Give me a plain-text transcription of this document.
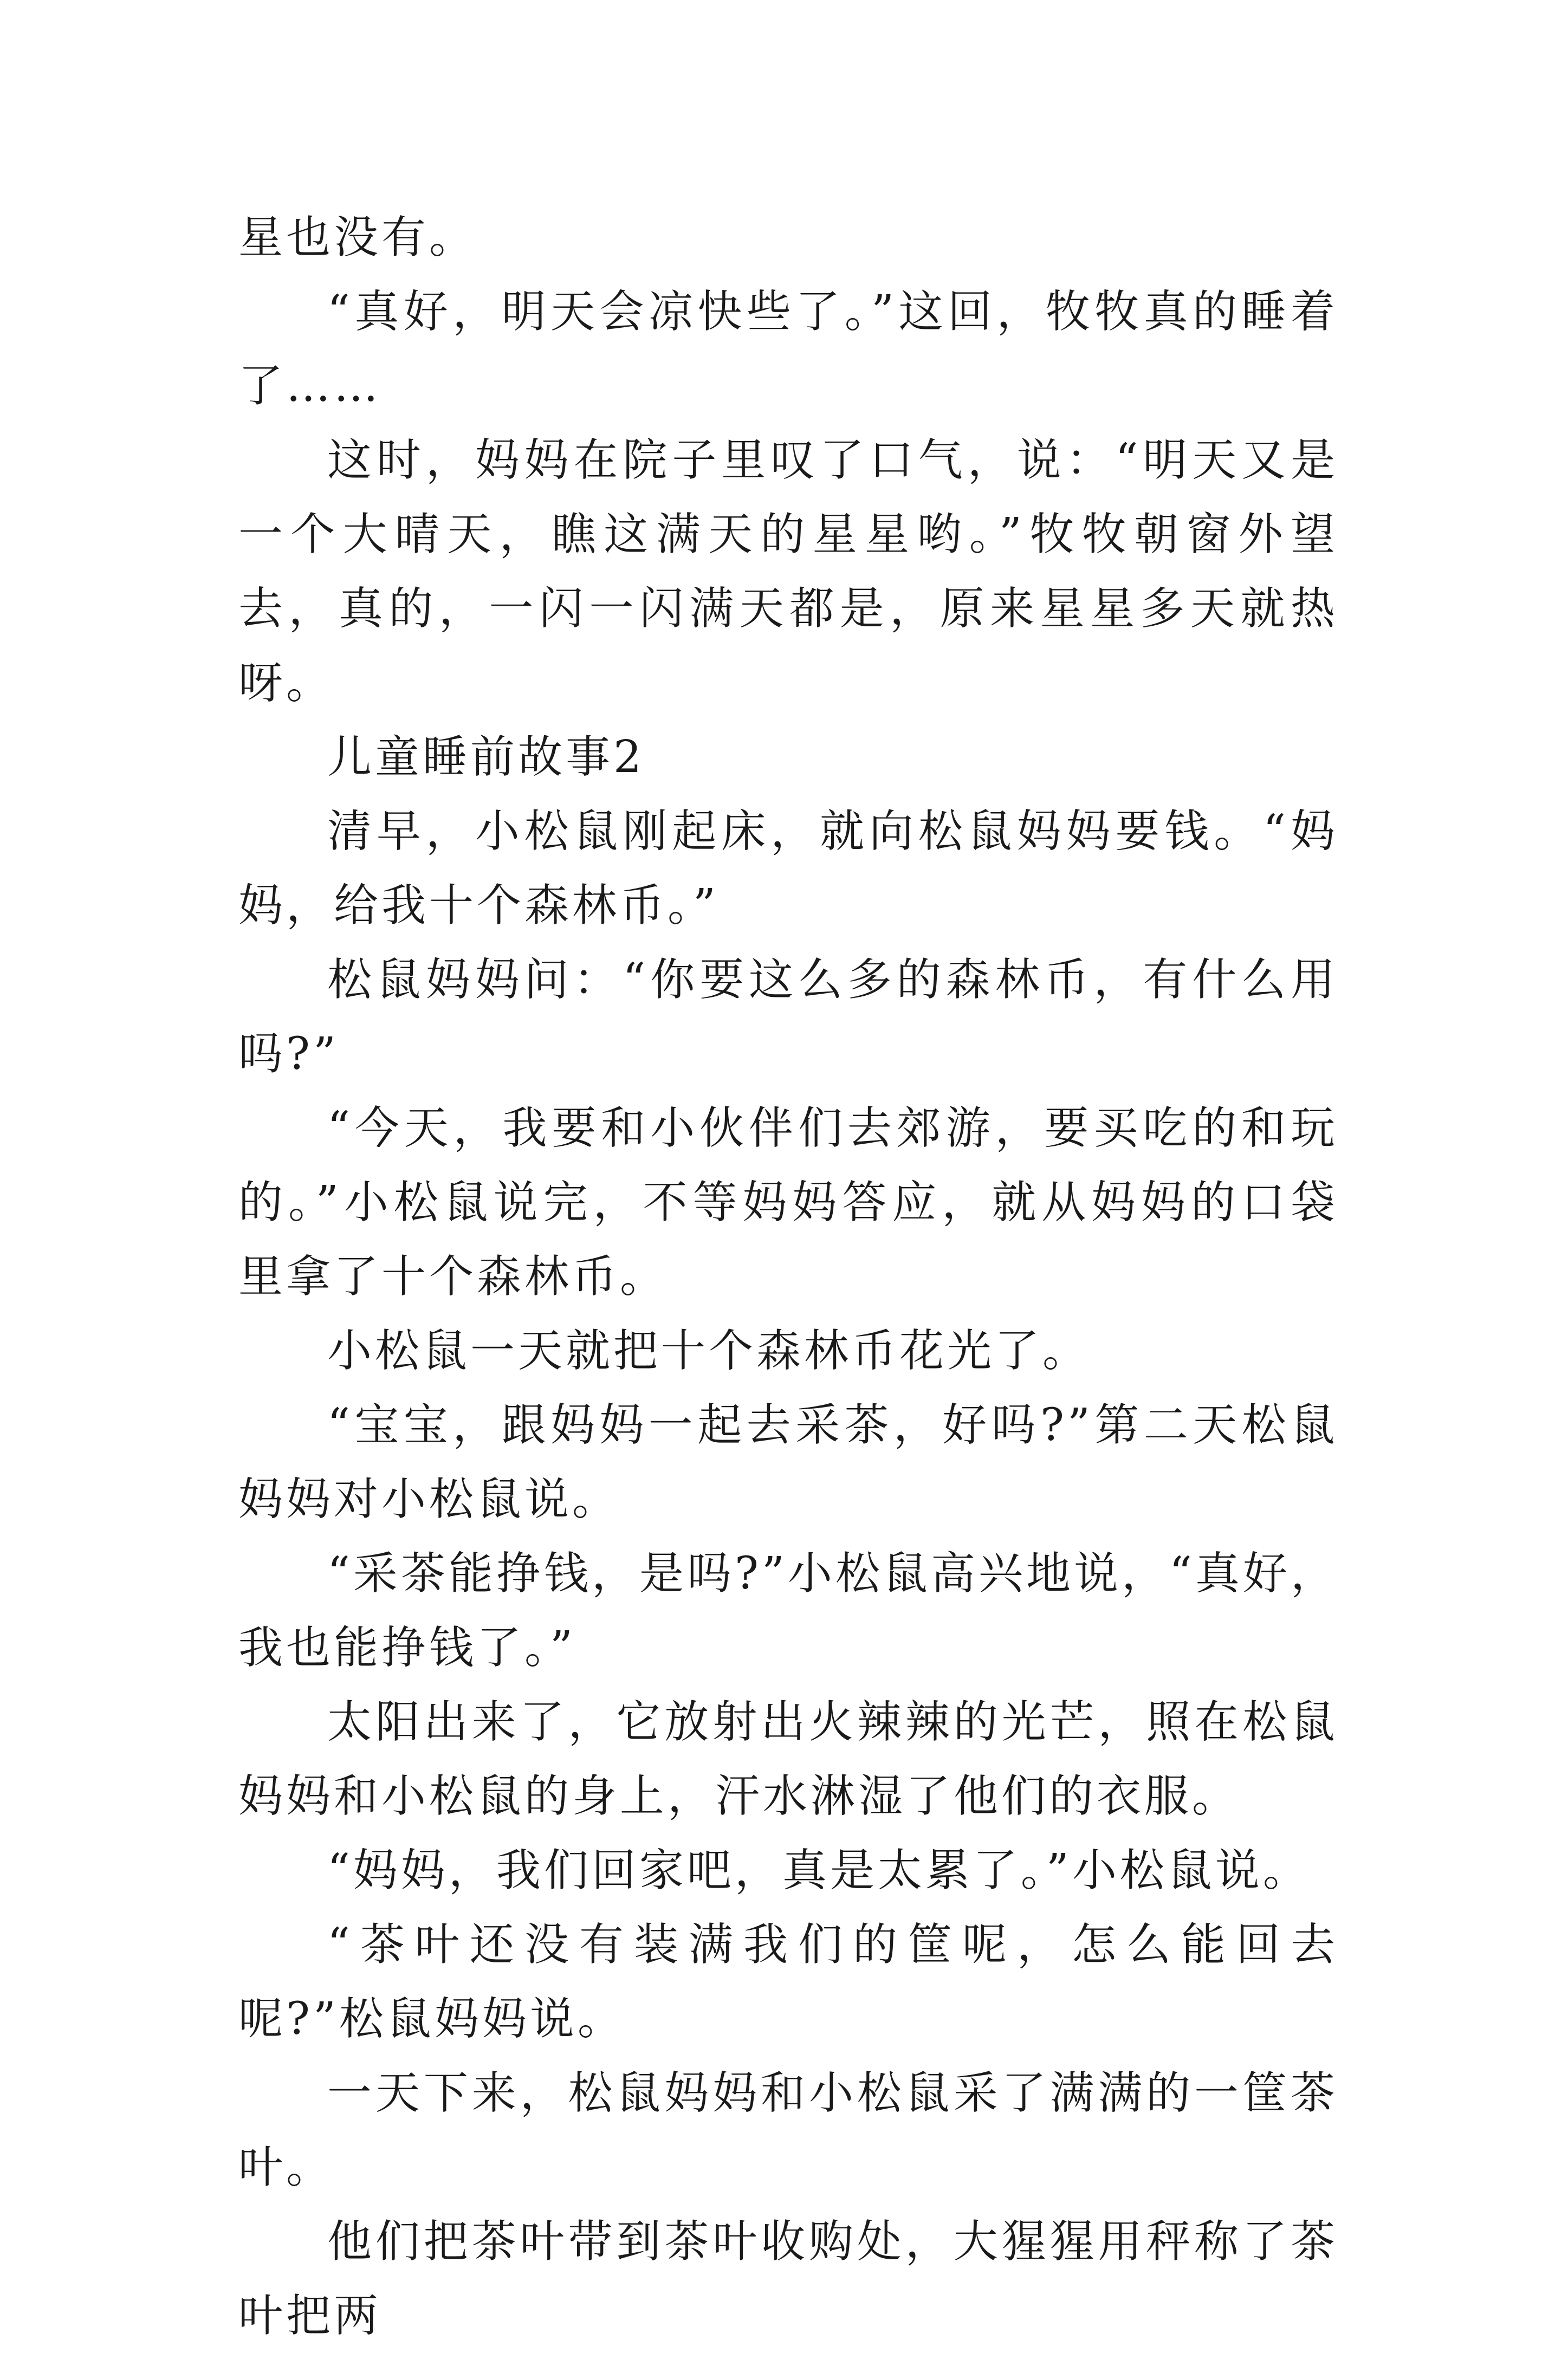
星也没有。

“真好，明天会凉快些了。”这回，牧牧真的睡着了……

这时，妈妈在院子里叹了口气，说：“明天又是一个大晴天，瞧这满天的星星哟。”牧牧朝窗外望去，真的，一闪一闪满天都是，原来星星多天就热呀。

儿童睡前故事2

清早，小松鼠刚起床，就向松鼠妈妈要钱。“妈妈，给我十个森林币。”

松鼠妈妈问：“你要这么多的森林币，有什么用吗?”

“今天，我要和小伙伴们去郊游，要买吃的和玩的。”小松鼠说完，不等妈妈答应，就从妈妈的口袋里拿了十个森林币。

小松鼠一天就把十个森林币花光了。

“宝宝，跟妈妈一起去采茶，好吗?”第二天松鼠妈妈对小松鼠说。

“采茶能挣钱，是吗?”小松鼠高兴地说，“真好，我也能挣钱了。”

太阳出来了，它放射出火辣辣的光芒，照在松鼠妈妈和小松鼠的身上，汗水淋湿了他们的衣服。

“妈妈，我们回家吧，真是太累了。”小松鼠说。

“茶叶还没有装满我们的筐呢，怎么能回去呢?”松鼠妈妈说。

一天下来，松鼠妈妈和小松鼠采了满满的一筐茶叶。

他们把茶叶带到茶叶收购处，大猩猩用秤称了茶叶把两
